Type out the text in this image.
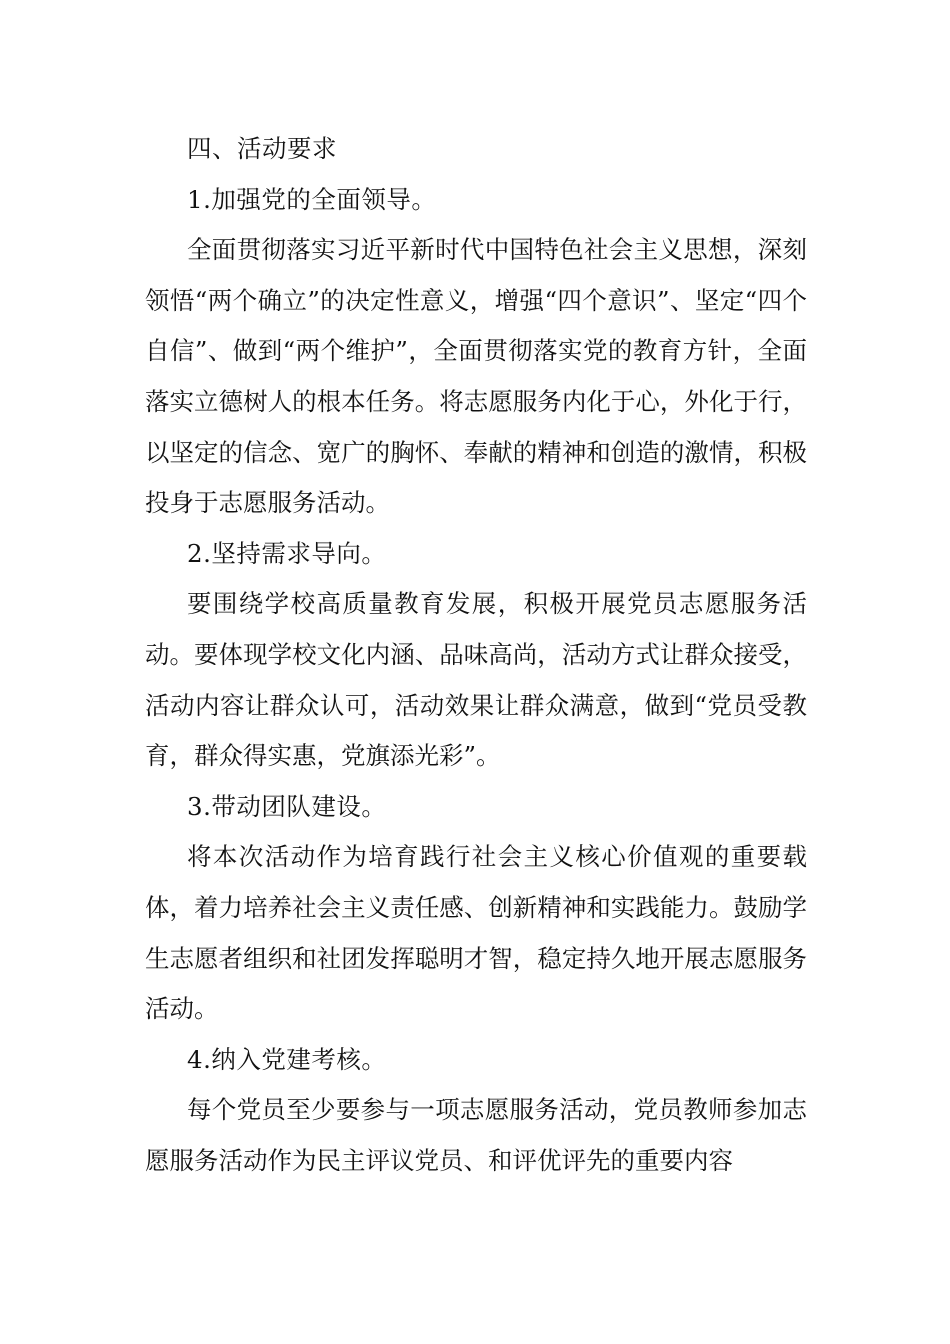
四、活动要求

1.加强党的全面领导。

全面贯彻落实习近平新时代中国特色社会主义思想，深刻领悟“两个确立”的决定性意义，增强“四个意识”、坚定“四个自信”、做到“两个维护”，全面贯彻落实党的教育方针，全面落实立德树人的根本任务。将志愿服务内化于心，外化于行，以坚定的信念、宽广的胸怀、奉献的精神和创造的激情，积极投身于志愿服务活动。

2.坚持需求导向。

要围绕学校高质量教育发展，积极开展党员志愿服务活动。要体现学校文化内涵、品味高尚，活动方式让群众接受，活动内容让群众认可，活动效果让群众满意，做到“党员受教育，群众得实惠，党旗添光彩”。

3.带动团队建设。

将本次活动作为培育践行社会主义核心价值观的重要载体，着力培养社会主义责任感、创新精神和实践能力。鼓励学生志愿者组织和社团发挥聪明才智，稳定持久地开展志愿服务活动。

4.纳入党建考核。

每个党员至少要参与一项志愿服务活动，党员教师参加志愿服务活动作为民主评议党员、和评优评先的重要内容
